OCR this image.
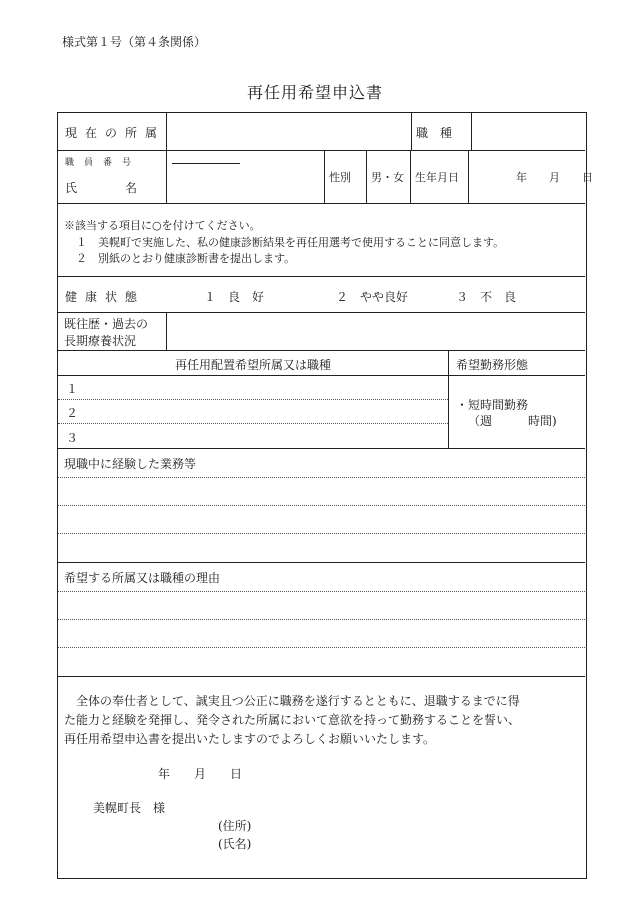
様式第１号（第４条関係）
再任用希望申込書
現在の所属	職　種
職員番号
氏　　　　名
性別 男・女 生年月日	年　　月　　日
※該当する項目に○を付けてください。
１　美幌町で実施した、私の健康診断結果を再任用選考で使用することに同意します。
２　別紙のとおり健康診断書を提出します。
健康状態	１　良　好	２　やや良好	３　不　良
既往歴・過去の
長期療養状況
再任用配置希望所属又は職種	希望勤務形態
１
２
３
・短時間勤務
（週　　　時間)
現職中に経験した業務等
希望する所属又は職種の理由
全体の奉仕者として、誠実且つ公正に職務を遂行するとともに、退職するまでに得
た能力と経験を発揮し、発令された所属において意欲を持って勤務することを誓い、
再任用希望申込書を提出いたしますのでよろしくお願いいたします。
年　　月　　日
美幌町長　様
(住所)
(氏名)
